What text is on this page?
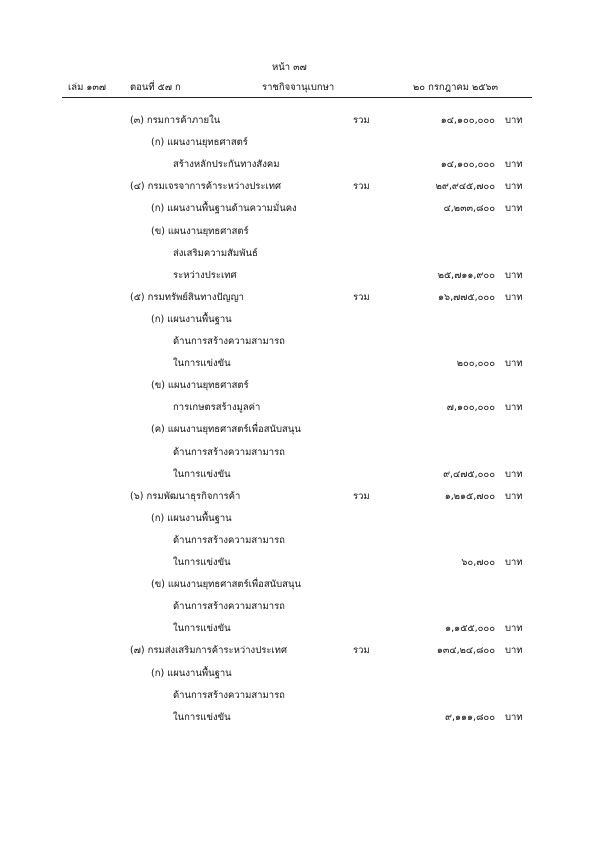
หน้า ๓๗
เล่ม ๑๓๗	ตอนที่ ๕๗ ก	ราชกิจจานุเบกษา	๒๐ กรกฎาคม ๒๕๖๓
(๓) กรมการค้าภายใน	รวม	๑๔,๑๐๐,๐๐๐ บาท
(ก) แผนงานยุทธศาสตร์
สร้างหลักประกันทางสังคม	๑๔,๑๐๐,๐๐๐ บาท
(๔) กรมเจรจาการค้าระหว่างประเทศ	รวม	๒๙,๙๔๕,๗๐๐ บาท
(ก) แผนงานพื้นฐานด้านความมั่นคง	๔,๒๓๓,๘๐๐ บาท
(ข) แผนงานยุทธศาสตร์
ส่งเสริมความสัมพันธ์
ระหว่างประเทศ	๒๕,๗๑๑,๙๐๐ บาท
(๕) กรมทรัพย์สินทางปัญญา	รวม	๑๖,๗๗๕,๐๐๐ บาท
(ก) แผนงานพื้นฐาน
ด้านการสร้างความสามารถ
ในการแข่งขัน	๒๐๐,๐๐๐ บาท
(ข) แผนงานยุทธศาสตร์
การเกษตรสร้างมูลค่า	๗,๑๐๐,๐๐๐ บาท
(ค) แผนงานยุทธศาสตร์เพื่อสนับสนุน
ด้านการสร้างความสามารถ
ในการแข่งขัน	๙,๔๗๕,๐๐๐ บาท
(๖) กรมพัฒนาธุรกิจการค้า	รวม	๑,๒๑๕,๗๐๐ บาท
(ก) แผนงานพื้นฐาน
ด้านการสร้างความสามารถ
ในการแข่งขัน	๖๐,๗๐๐ บาท
(ข) แผนงานยุทธศาสตร์เพื่อสนับสนุน
ด้านการสร้างความสามารถ
ในการแข่งขัน	๑,๑๕๕,๐๐๐ บาท
(๗) กรมส่งเสริมการค้าระหว่างประเทศ	รวม	๑๓๔,๒๔,๘๐๐ บาท
(ก) แผนงานพื้นฐาน
ด้านการสร้างความสามารถ
ในการแข่งขัน	๙,๑๑๑,๘๐๐ บาท
